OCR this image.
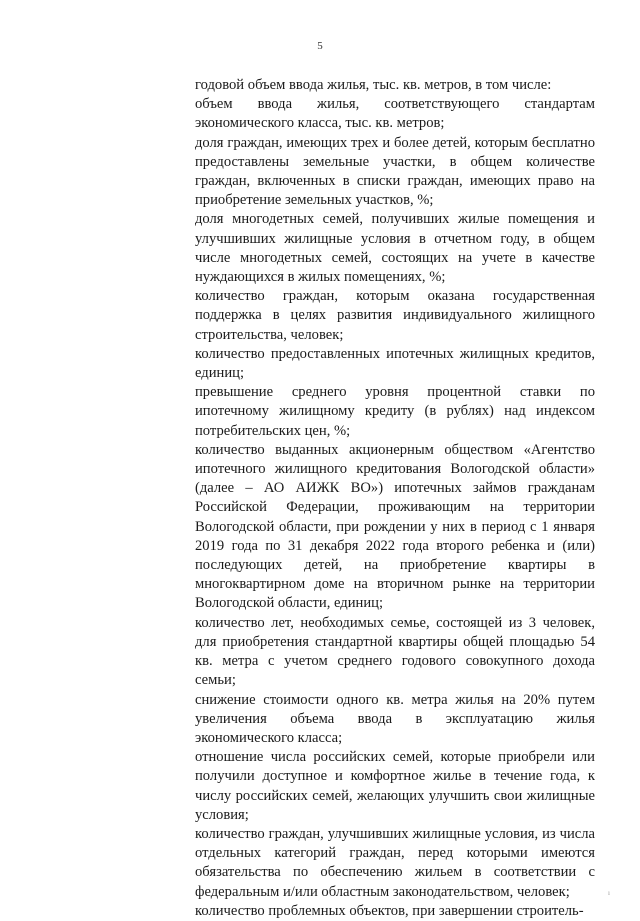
5

годовой объем ввода жилья, тыс. кв. метров, в том числе:

объем ввода жилья, соответствующего стандартам экономического класса, тыс. кв. метров;

доля граждан, имеющих трех и более детей, которым бесплатно предоставлены земельные участки, в общем количестве граждан, включенных в списки граждан, имеющих право на приобретение земельных участков, %;

доля многодетных семей, получивших жилые помещения и улучшивших жилищные условия в отчетном году, в общем числе многодетных семей, состоящих на учете в качестве нуждающихся в жилых помещениях, %;

количество граждан, которым оказана государственная поддержка в целях развития индивидуального жилищного строительства, человек;

количество предоставленных ипотечных жилищных кредитов, единиц;

превышение среднего уровня процентной ставки по ипотечному жилищному кредиту (в рублях) над индексом потребительских цен, %;

количество выданных акционерным обществом «Агентство ипотечного жилищного кредитования Вологодской области» (далее – АО АИЖК ВО») ипотечных займов гражданам Российской Федерации, проживающим на территории Вологодской области, при рождении у них в период с 1 января 2019 года по 31 декабря 2022 года второго ребенка и (или) последующих детей, на приобретение квартиры в многоквартирном доме на вторичном рынке на территории Вологодской области, единиц;

количество лет, необходимых семье, состоящей из 3 человек, для приобретения стандартной квартиры общей площадью 54 кв. метра с учетом среднего годового совокупного дохода семьи;

снижение стоимости одного кв. метра жилья на 20% путем увеличения объема ввода в эксплуатацию жилья экономического класса;

отношение числа российских семей, которые приобрели или получили доступное и комфортное жилье в течение года, к числу российских семей, желающих улучшить свои жилищные условия;

количество граждан, улучшивших жилищные условия, из числа отдельных категорий граждан, перед которыми имеются обязательства по обеспечению жильем в соответствии с федеральным и/или областным законодательством, человек;

количество проблемных объектов, при завершении строитель-

ı
